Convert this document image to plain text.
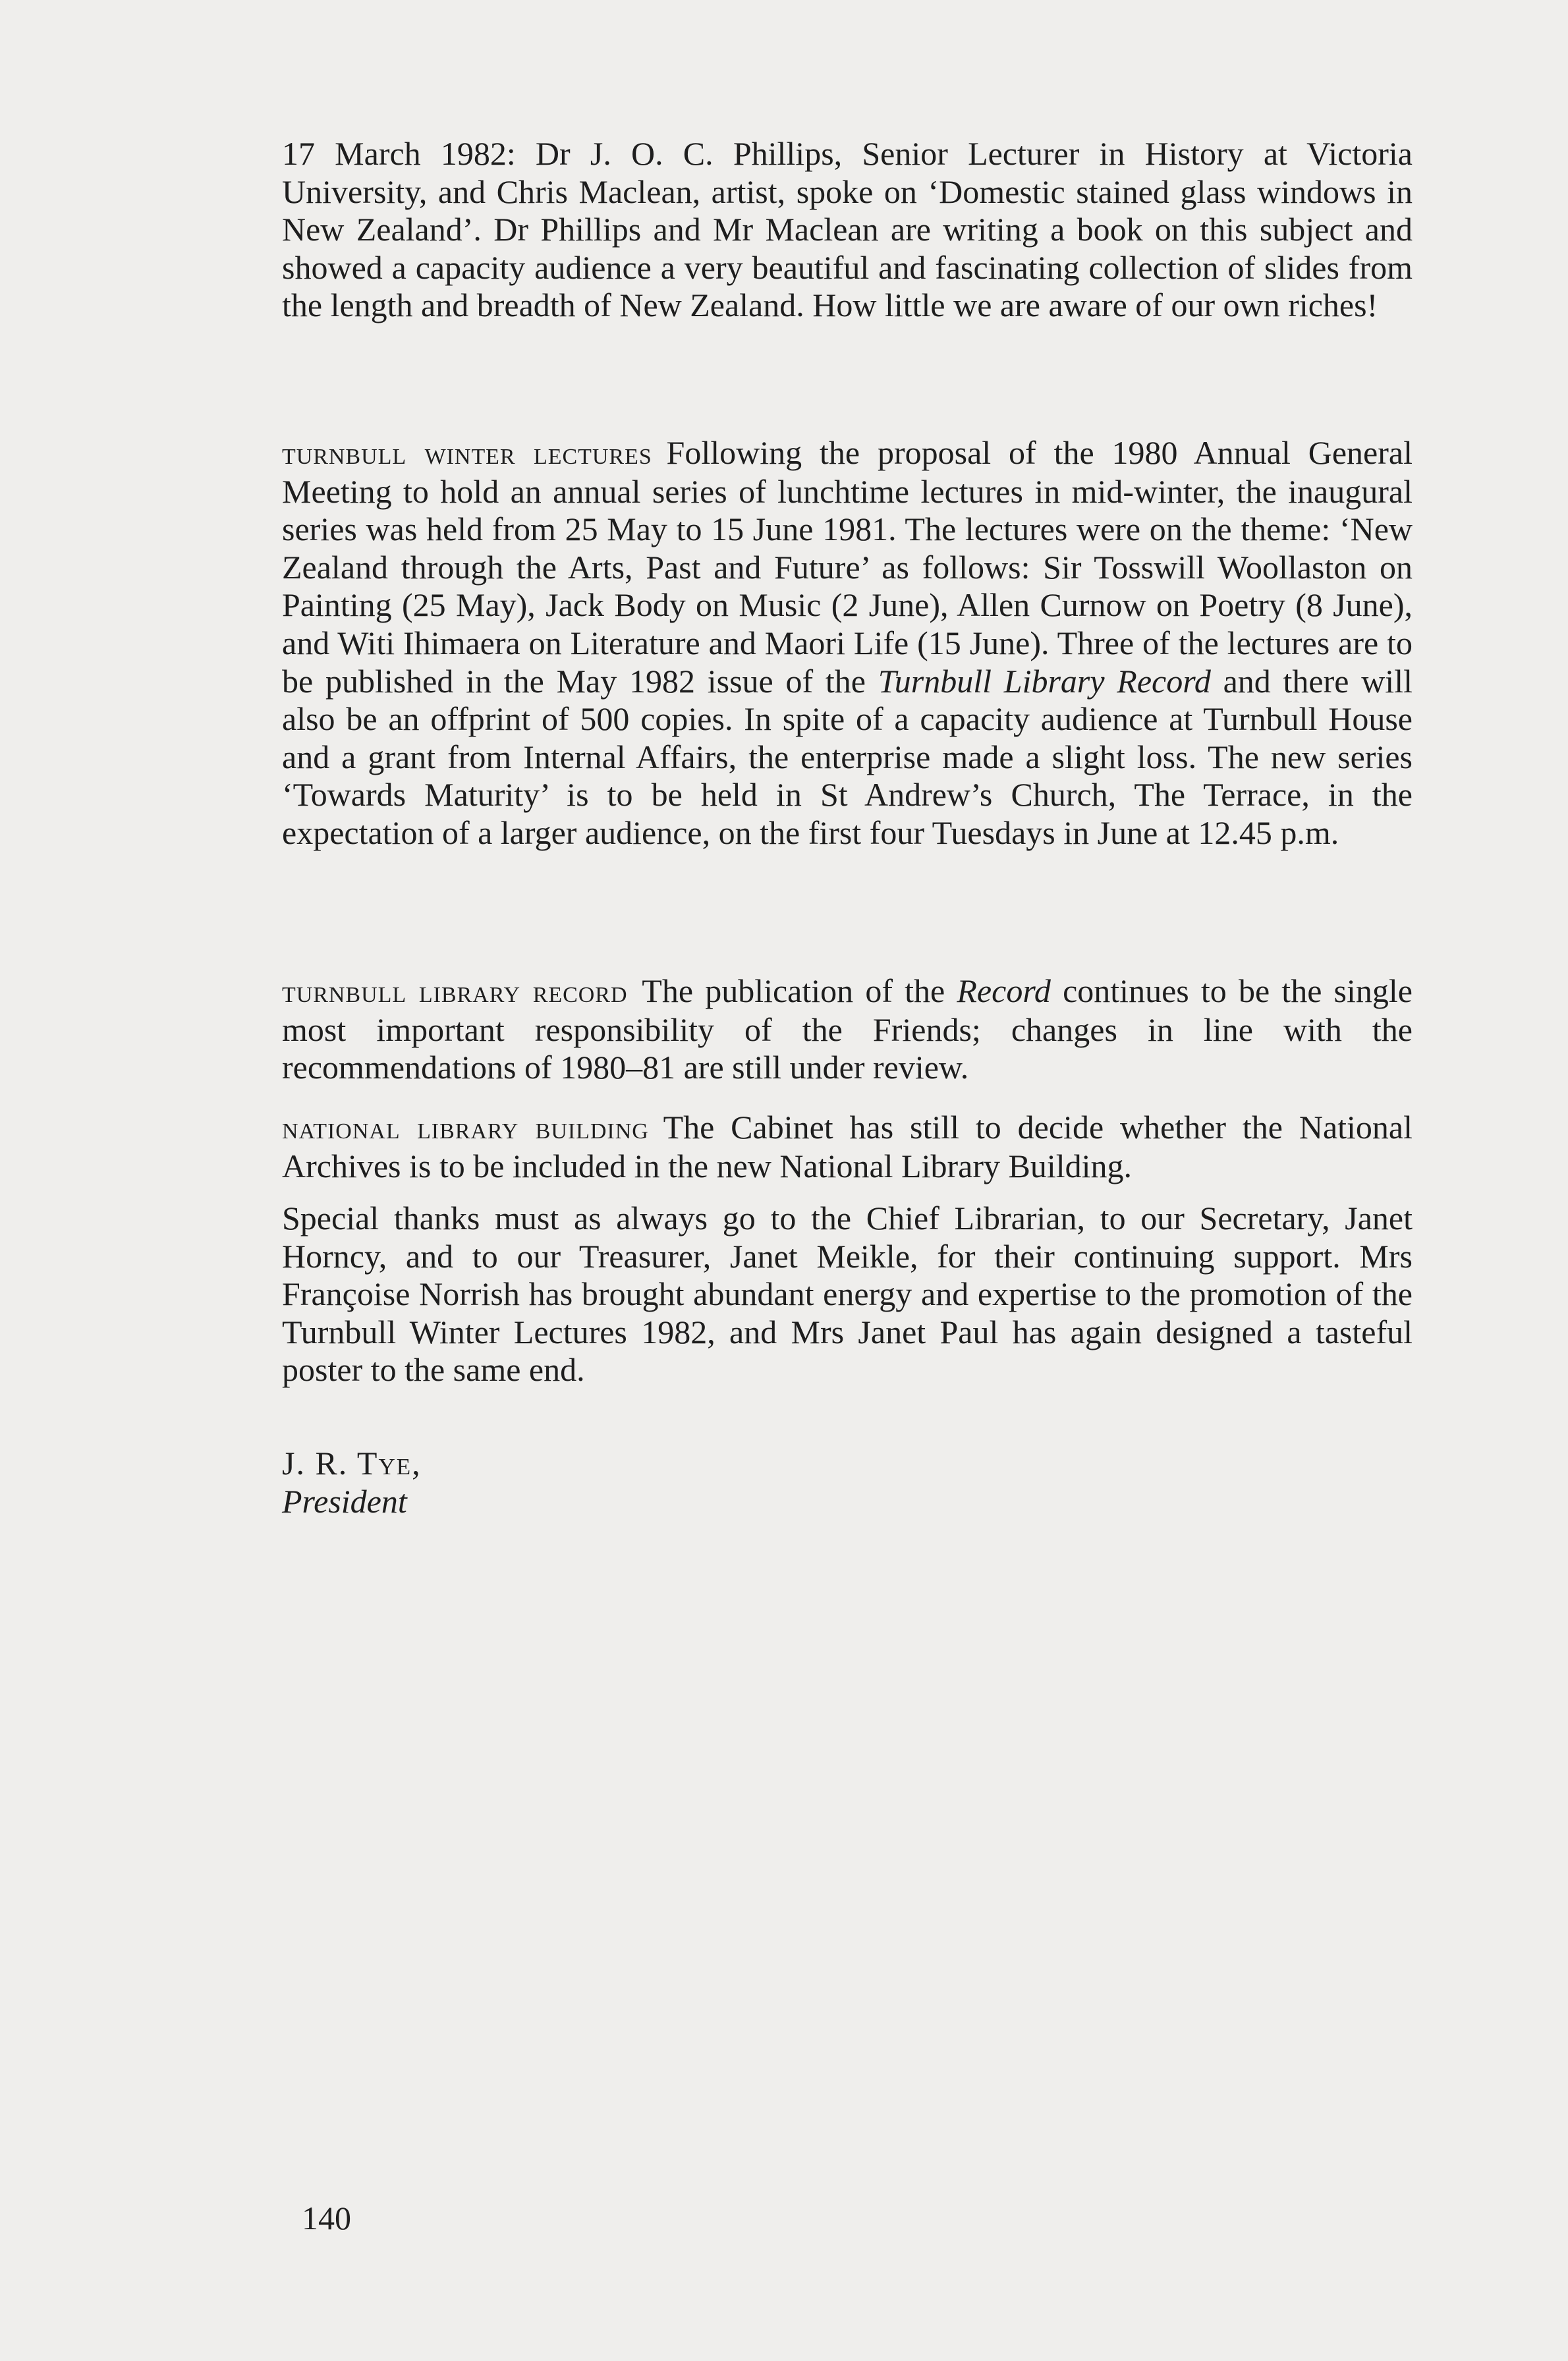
17 March 1982: Dr J. O. C. Phillips, Senior Lecturer in History at Victoria University, and Chris Maclean, artist, spoke on ‘Domestic stained glass windows in New Zealand’. Dr Phillips and Mr Maclean are writing a book on this subject and showed a capacity audience a very beautiful and fascinating collection of slides from the length and breadth of New Zealand. How little we are aware of our own riches!

turnbull winter lectures Following the proposal of the 1980 Annual General Meeting to hold an annual series of lunchtime lectures in mid-winter, the inaugural series was held from 25 May to 15 June 1981. The lectures were on the theme: ‘New Zealand through the Arts, Past and Future’ as follows: Sir Tosswill Woollaston on Painting (25 May), Jack Body on Music (2 June), Allen Curnow on Poetry (8 June), and Witi Ihimaera on Literature and Maori Life (15 June). Three of the lectures are to be published in the May 1982 issue of the Turnbull Library Record and there will also be an offprint of 500 copies. In spite of a capacity audience at Turnbull House and a grant from Internal Affairs, the enterprise made a slight loss. The new series ‘Towards Maturity’ is to be held in St Andrew’s Church, The Terrace, in the expectation of a larger audience, on the first four Tuesdays in June at 12.45 p.m.

turnbull library record The publication of the Record continues to be the single most important responsibility of the Friends; changes in line with the recommendations of 1980–81 are still under review.

national library building The Cabinet has still to decide whether the National Archives is to be included in the new National Library Building.

Special thanks must as always go to the Chief Librarian, to our Secretary, Janet Horncy, and to our Treasurer, Janet Meikle, for their continuing support. Mrs Françoise Norrish has brought abundant energy and expertise to the promotion of the Turnbull Winter Lectures 1982, and Mrs Janet Paul has again designed a tasteful poster to the same end.

J. R. Tye,

President

140
